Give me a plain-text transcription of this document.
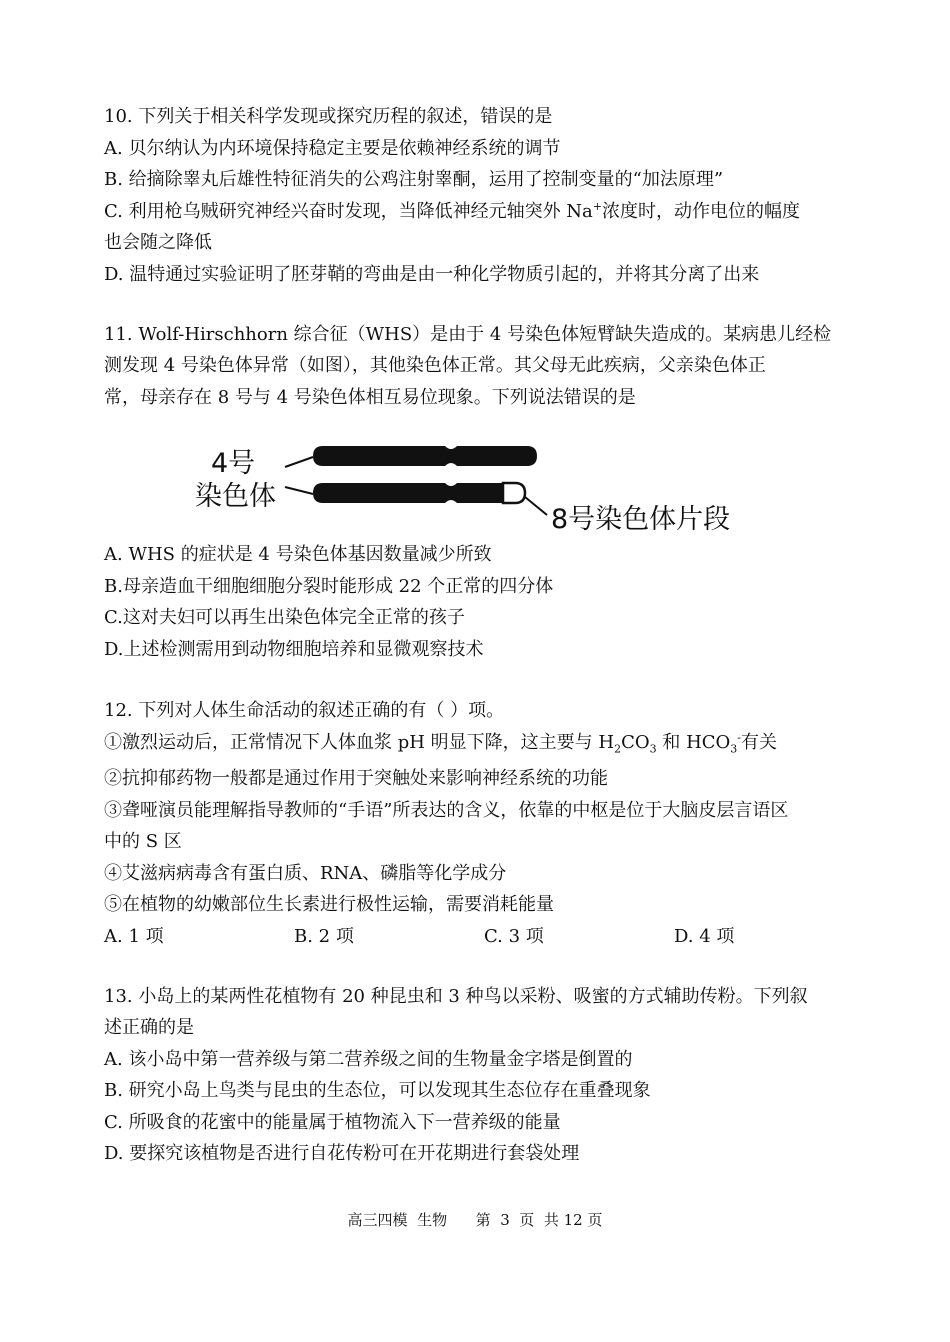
10. 下列关于相关科学发现或探究历程的叙述，错误的是
A. 贝尔纳认为内环境保持稳定主要是依赖神经系统的调节
B. 给摘除睾丸后雄性特征消失的公鸡注射睾酮，运用了控制变量的“加法原理”
C. 利用枪乌贼研究神经兴奋时发现，当降低神经元轴突外 Na+浓度时，动作电位的幅度
也会随之降低
D. 温特通过实验证明了胚芽鞘的弯曲是由一种化学物质引起的，并将其分离了出来
11. Wolf-Hirschhorn 综合征（WHS）是由于 4 号染色体短臂缺失造成的。某病患儿经检
测发现 4 号染色体异常（如图），其他染色体正常。其父母无此疾病，父亲染色体正
常，母亲存在 8 号与 4 号染色体相互易位现象。下列说法错误的是
4号
染色体
8号染色体片段
A. WHS 的症状是 4 号染色体基因数量减少所致
B.母亲造血干细胞细胞分裂时能形成 22 个正常的四分体
C.这对夫妇可以再生出染色体完全正常的孩子
D.上述检测需用到动物细胞培养和显微观察技术
12. 下列对人体生命活动的叙述正确的有（ ）项。
①激烈运动后，正常情况下人体血浆 pH 明显下降，这主要与 $H_2CO_3$ 和 $HCO_3^-$有关
②抗抑郁药物一般都是通过作用于突触处来影响神经系统的功能
③聋哑演员能理解指导教师的“手语”所表达的含义，依靠的中枢是位于大脑皮层言语区
中的 S 区
④艾滋病病毒含有蛋白质、RNA、磷脂等化学成分
⑤在植物的幼嫩部位生长素进行极性运输，需要消耗能量
A. 1 项	B. 2 项	C. 3 项	D. 4 项
13. 小岛上的某两性花植物有 20 种昆虫和 3 种鸟以采粉、吸蜜的方式辅助传粉。下列叙
述正确的是
A. 该小岛中第一营养级与第二营养级之间的生物量金字塔是倒置的
B. 研究小岛上鸟类与昆虫的生态位，可以发现其生态位存在重叠现象
C. 所吸食的花蜜中的能量属于植物流入下一营养级的能量
D. 要探究该植物是否进行自花传粉可在开花期进行套袋处理
高三四模  生物      第  3  页  共 12 页
